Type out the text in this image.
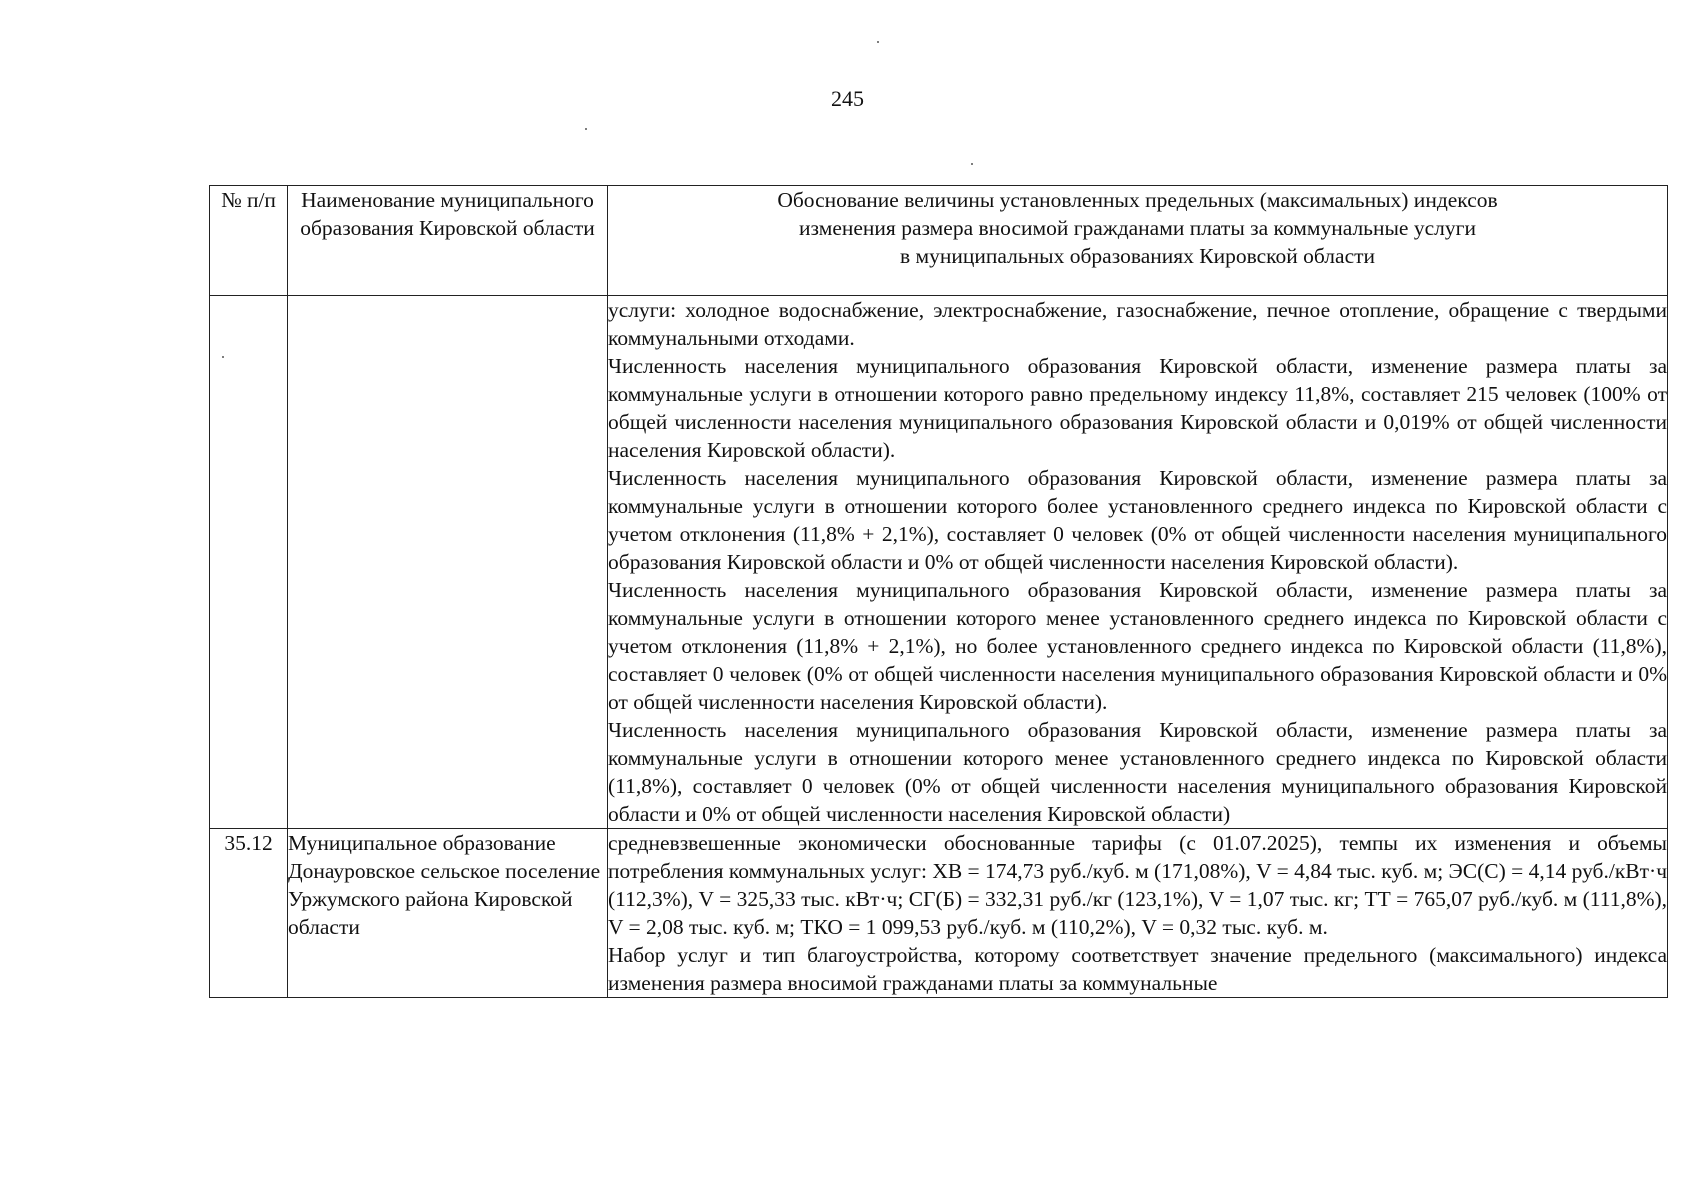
245
№ п/п	Наименование муниципального образования Кировской области	Обоснование величины установленных предельных (максимальных) индексов
изменения размера вносимой гражданами платы за коммунальные услуги
в муниципальных образованиях Кировской области

		услуги: холодное водоснабжение, электроснабжение, газоснабжение, печное отопление, обращение с твердыми коммунальными отходами.
Численность населения муниципального образования Кировской области, изменение размера платы за коммунальные услуги в отношении которого равно предельному индексу 11,8%, составляет 215 человек (100% от общей численности населения муниципального образования Кировской области и 0,019% от общей численности населения Кировской области).
Численность населения муниципального образования Кировской области, изменение размера платы за коммунальные услуги в отношении которого более установленного среднего индекса по Кировской области с учетом отклонения (11,8% + 2,1%), составляет 0 человек (0% от общей численности населения муниципального образования Кировской области и 0% от общей численности населения Кировской области).
Численность населения муниципального образования Кировской области, изменение размера платы за коммунальные услуги в отношении которого менее установленного среднего индекса по Кировской области с учетом отклонения (11,8% + 2,1%), но более установленного среднего индекса по Кировской области (11,8%), составляет 0 человек (0% от общей численности населения муниципального образования Кировской области и 0% от общей численности населения Кировской области).
Численность населения муниципального образования Кировской области, изменение размера платы за коммунальные услуги в отношении которого менее установленного среднего индекса по Кировской области (11,8%), составляет 0 человек (0% от общей численности населения муниципального образования Кировской области и 0% от общей численности населения Кировской области)

35.12	Муниципальное образование Донауровское сельское поселение Уржумского района Кировской области	средневзвешенные экономически обоснованные тарифы (с 01.07.2025), темпы их изменения и объемы потребления коммунальных услуг: ХВ = 174,73 руб./куб. м (171,08%), V = 4,84 тыс. куб. м; ЭС(С) = 4,14 руб./кВт·ч (112,3%), V = 325,33 тыс. кВт·ч; СГ(Б) = 332,31 руб./кг (123,1%), V = 1,07 тыс. кг; ТТ = 765,07 руб./куб. м (111,8%), V = 2,08 тыс. куб. м; ТКО = 1 099,53 руб./куб. м (110,2%), V = 0,32 тыс. куб. м.
Набор услуг и тип благоустройства, которому соответствует значение предельного (максимального) индекса изменения размера вносимой гражданами платы за коммунальные
